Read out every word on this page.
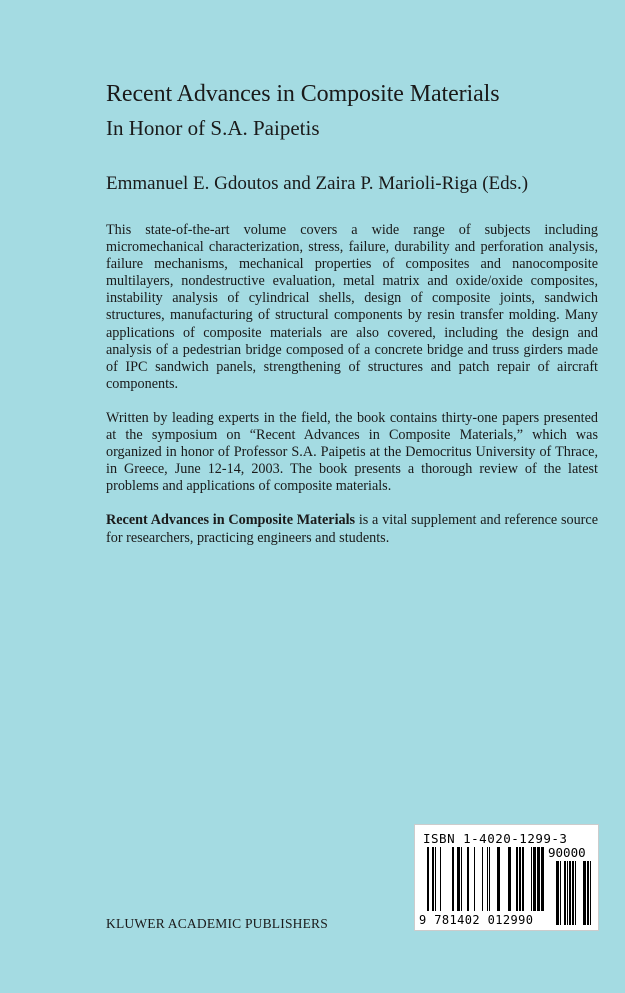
Recent Advances in Composite Materials
In Honor of S.A. Paipetis
Emmanuel E. Gdoutos and Zaira P. Marioli-Riga (Eds.)

This state-of-the-art volume covers a wide range of subjects including micromechanical characterization, stress, failure, durability and perforation analysis, failure mechanisms, mechanical properties of composites and nanocomposite multilayers, nondestructive evaluation, metal matrix and oxide/oxide composites, instability analysis of cylindrical shells, design of composite joints, sandwich structures, manufacturing of structural components by resin transfer molding. Many applications of composite materials are also covered, including the design and analysis of a pedestrian bridge composed of a concrete bridge and truss girders made of IPC sandwich panels, strengthening of structures and patch repair of aircraft components.

Written by leading experts in the field, the book contains thirty-one papers presented at the symposium on “Recent Advances in Composite Materials,” which was organized in honor of Professor S.A. Paipetis at the Democritus University of Thrace, in Greece, June 12-14, 2003. The book presents a thorough review of the latest problems and applications of composite materials.

Recent Advances in Composite Materials is a vital supplement and reference source for researchers, practicing engineers and students.

KLUWER ACADEMIC PUBLISHERS
ISBN 1-4020-1299-3
90000
9 781402 012990
